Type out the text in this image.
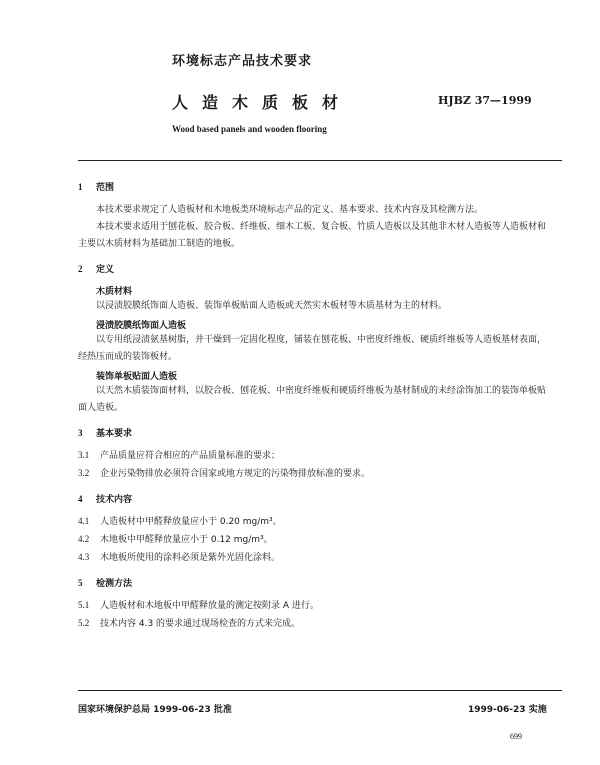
环境标志产品技术要求
人造木质板材	HJBZ 37—1999
Wood based panels and wooden flooring
1 范围
本技术要求规定了人造板材和木地板类环境标志产品的定义、基本要求、技术内容及其检测方法。
本技术要求适用于刨花板、胶合板、纤维板、细木工板、复合板、竹质人造板以及其他非木材人造板等人造板材和主要以木质材料为基础加工制造的地板。
2 定义
木质材料
以浸渍胶膜纸饰面人造板、装饰单板贴面人造板或天然实木板材等木质基材为主的材料。
浸渍胶膜纸饰面人造板
以专用纸浸渍氨基树脂，并干燥到一定固化程度，铺装在刨花板、中密度纤维板、硬质纤维板等人造板基材表面，经热压而成的装饰板材。
装饰单板贴面人造板
以天然木质装饰面材料，以胶合板、刨花板、中密度纤维板和硬质纤维板为基材制成的未经涂饰加工的装饰单板贴面人造板。
3 基本要求
3.1 产品质量应符合相应的产品质量标准的要求；
3.2 企业污染物排放必须符合国家或地方规定的污染物排放标准的要求。
4 技术内容
4.1 人造板材中甲醛释放量应小于 0.20 mg/m³。
4.2 木地板中甲醛释放量应小于 0.12 mg/m³。
4.3 木地板所使用的涂料必须是紫外光固化涂料。
5 检测方法
5.1 人造板材和木地板中甲醛释放量的测定按附录 A 进行。
5.2 技术内容 4.3 的要求通过现场检查的方式来完成。
国家环境保护总局 1999-06-23 批准	1999-06-23 实施
699
